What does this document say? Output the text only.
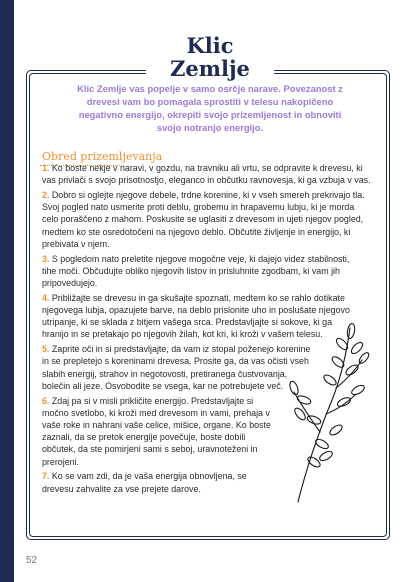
Klic
Zemlje
Klic Zemlje vas popelje v samo osrčje narave. Povezanost z drevesi vam bo pomagala sprostiti v telesu nakopičeno negativno energijo, okrepiti svojo prizemljenost in obnoviti svojo notranjo energijo.
Obred prizemljevanja

1. Ko boste nekje v naravi, v gozdu, na travniku ali vrtu, se odpravite k drevesu, ki vas privlači s svojo prisotnostjo, eleganco in občutku ravnovesja, ki ga vzbuja v vas.

2. Dobro si oglejte njegove debele, trdne korenine, ki v vseh smereh prekrivajo tla. Svoj pogled nato usmerite proti deblu, grobemu in hrapavemu lubju, ki je morda celo poraščeno z mahom. Poskusite se uglasiti z drevesom in ujeti njegov pogled, medtem ko ste osredotočeni na njegovo deblo. Občutite življenje in energijo, ki prebivata v njem.

3. S pogledom nato preletite njegove mogočne veje, ki dajejo videz stabilnosti, tihe moči. Občudujte obliko njegovih listov in prisluhnite zgodbam, ki vam jih pripovedujejo.

4. Približajte se drevesu in ga skušajte spoznati, medtem ko se rahlo dotikate njegovega lubja, opazujete barve, na deblo prislonite uho in poslušate njegovo utripanje, ki se sklada z bitjem vašega srca. Predstavljajte si sokove, ki ga hranijo in se pretakajo po njegovih žilah, kot kri, ki kroži v vašem telesu.

5. Zaprite oči in si predstavljajte, da vam iz stopal poženejo korenine in se prepletejo s koreninami drevesa. Prosite ga, da vas očisti vseh slabih energij, strahov in negotovosti, pretiranega čustvovanja, bolečin ali jeze. Osvobodite se vsega, kar ne potrebujete več.

6. Zdaj pa si v misli prikličite energijo. Predstavljajte si močno svetlobo, ki kroži med drevesom in vami, prehaja v vaše roke in nahrani vaše celice, mišice, organe. Ko boste zaznali, da se pretok energije povečuje, boste dobili občutek, da ste pomirjeni sami s seboj, uravnoteženi in prerojeni.

7. Ko se vam zdi, da je vaša energija obnovljena, se drevesu zahvalite za vse prejete darove.

52
